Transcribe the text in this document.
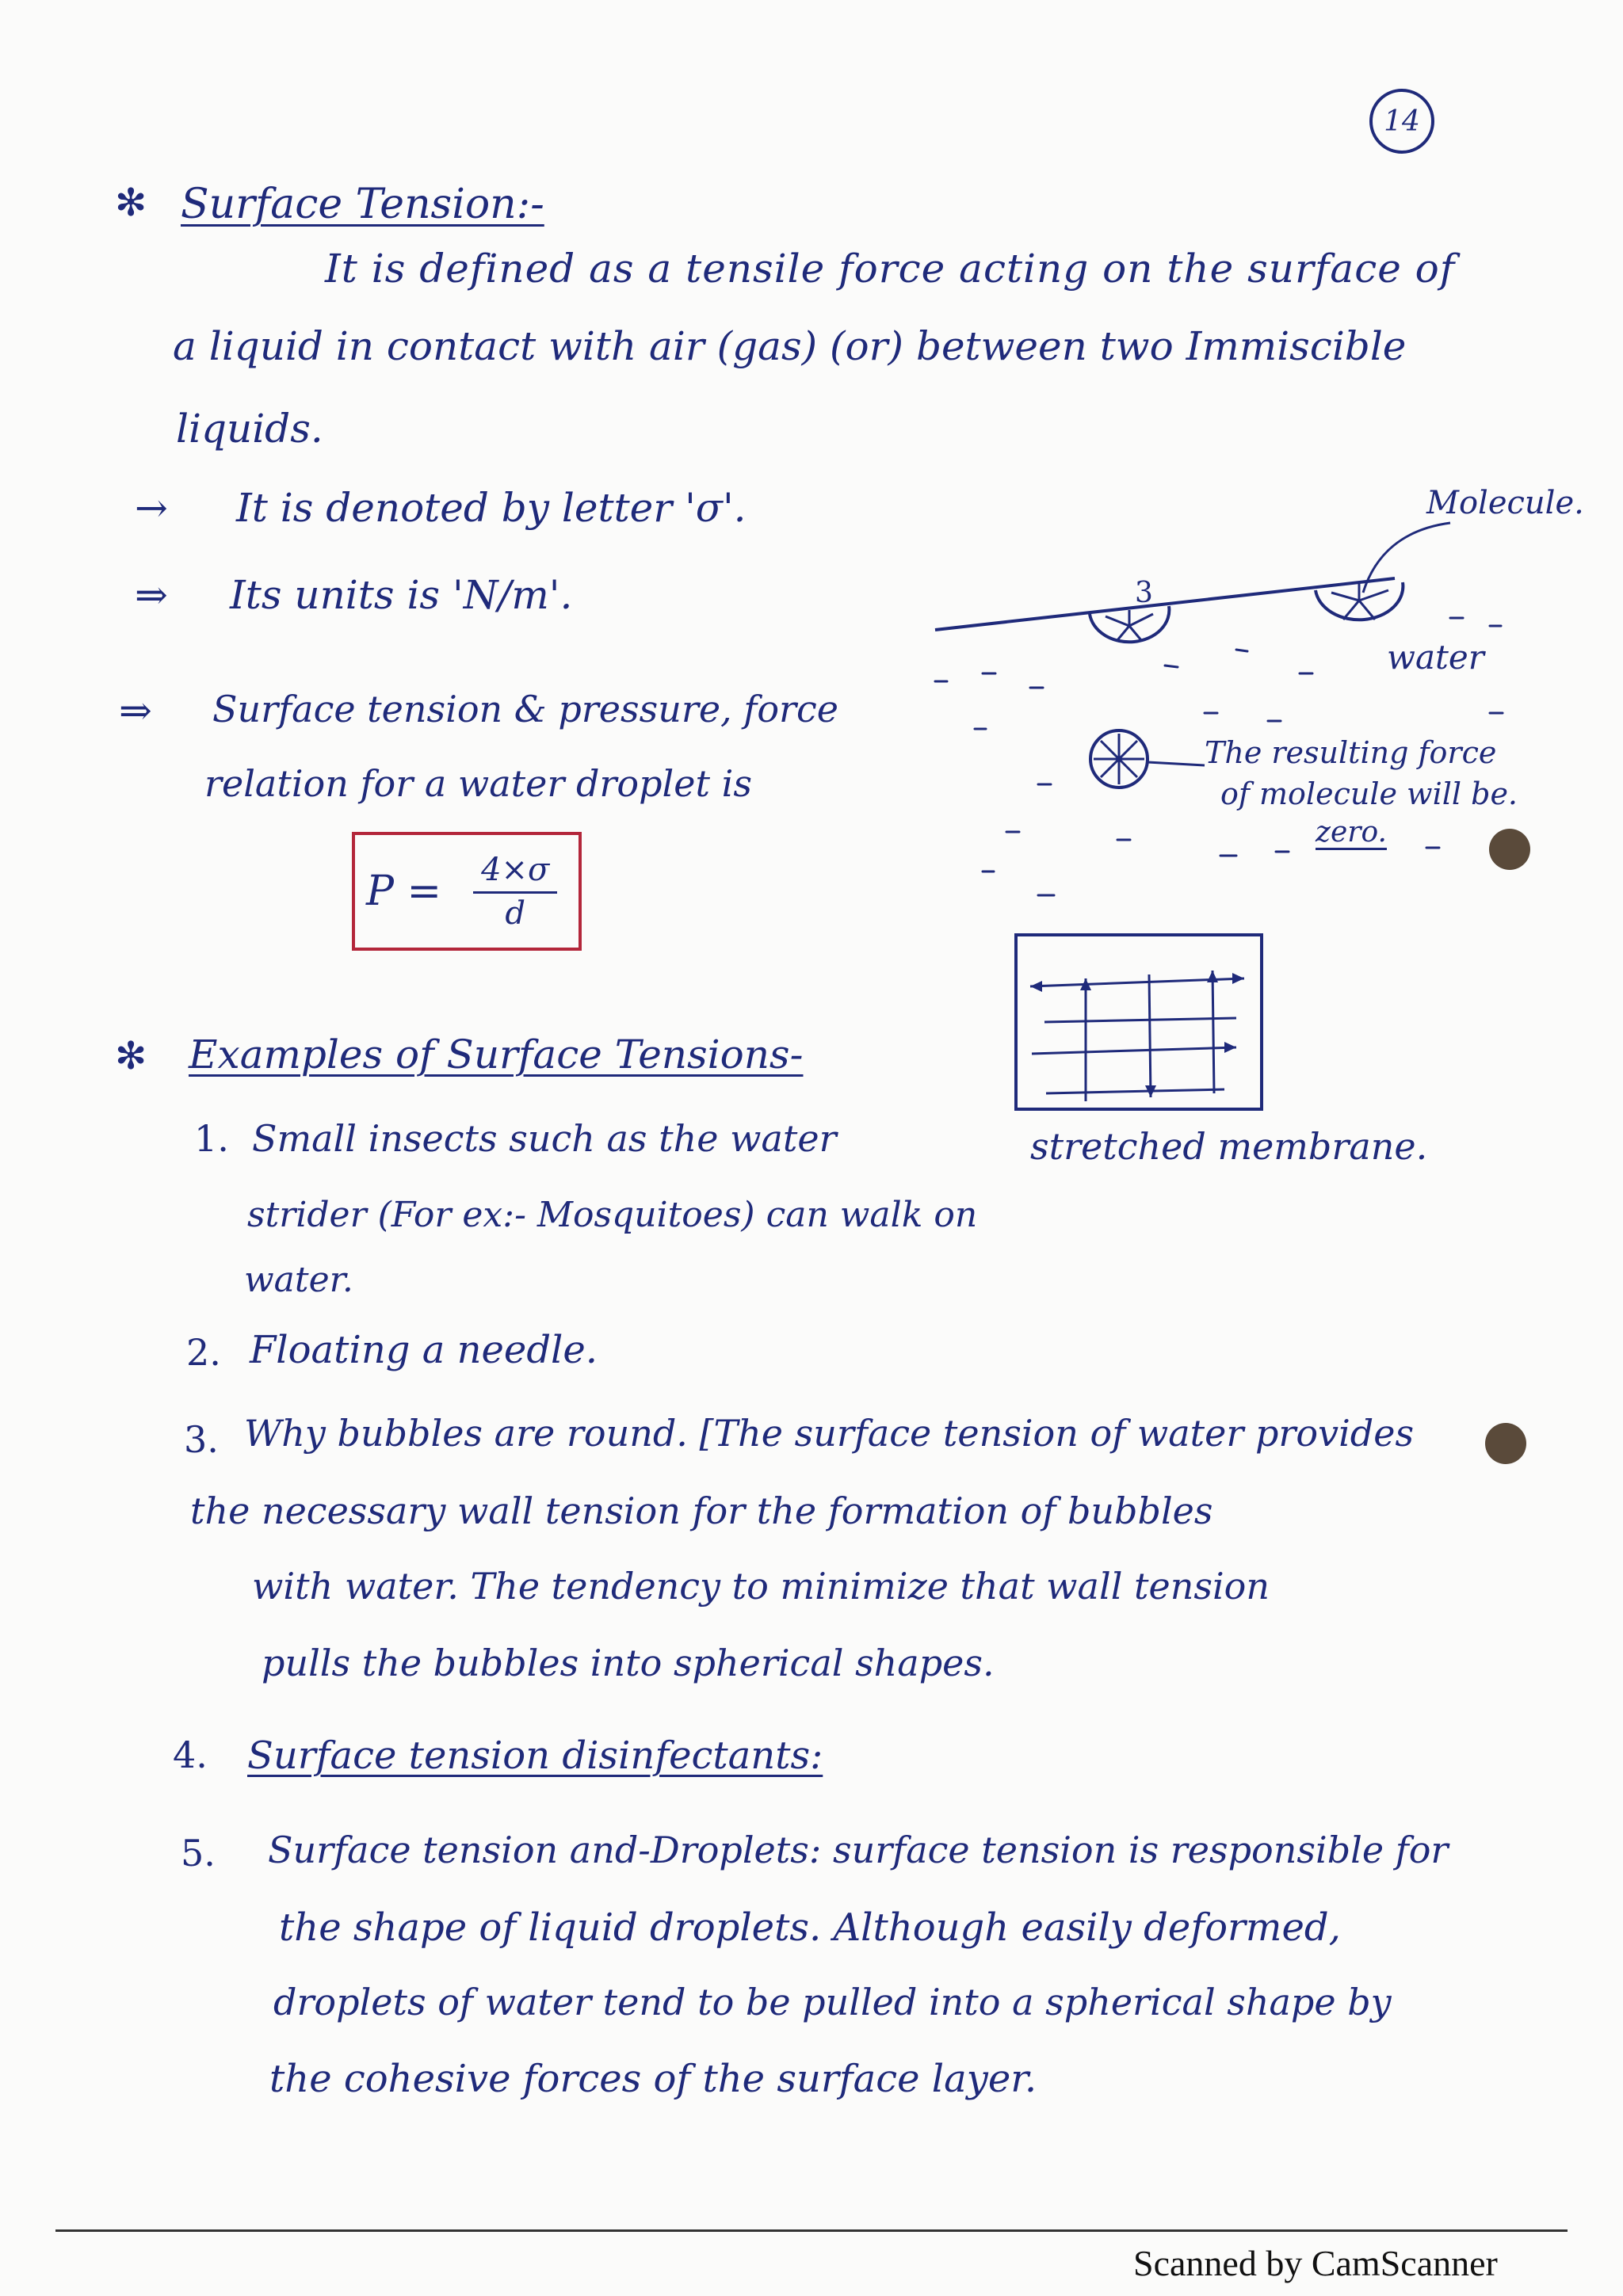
14
✻ Surface Tension:-
It is defined as a tensile force acting on the surface of
a liquid in contact with air (gas) (or) between two Immiscible
liquids.
→ It is denoted by letter 'σ'.
⇒ Its units is 'N/m'.
⇒ Surface tension & pressure, force
relation for a water droplet is
$P = \frac{4\times\sigma}{d}$
Molecule.
3
water
The resulting force
of molecule will be.
zero.
stretched membrane.
✻ Examples of Surface Tensions-
1. Small insects such as the water
strider (For ex:- Mosquitoes) can walk on
water.
2. Floating a needle.
3. Why bubbles are round. [The surface tension of water provides
the necessary wall tension for the formation of bubbles
with water. The tendency to minimize that wall tension
pulls the bubbles into spherical shapes.
4. Surface tension disinfectants:
5. Surface tension and-Droplets: surface tension is responsible for
the shape of liquid droplets. Although easily deformed,
droplets of water tend to be pulled into a spherical shape by
the cohesive forces of the surface layer.
Scanned by CamScanner
